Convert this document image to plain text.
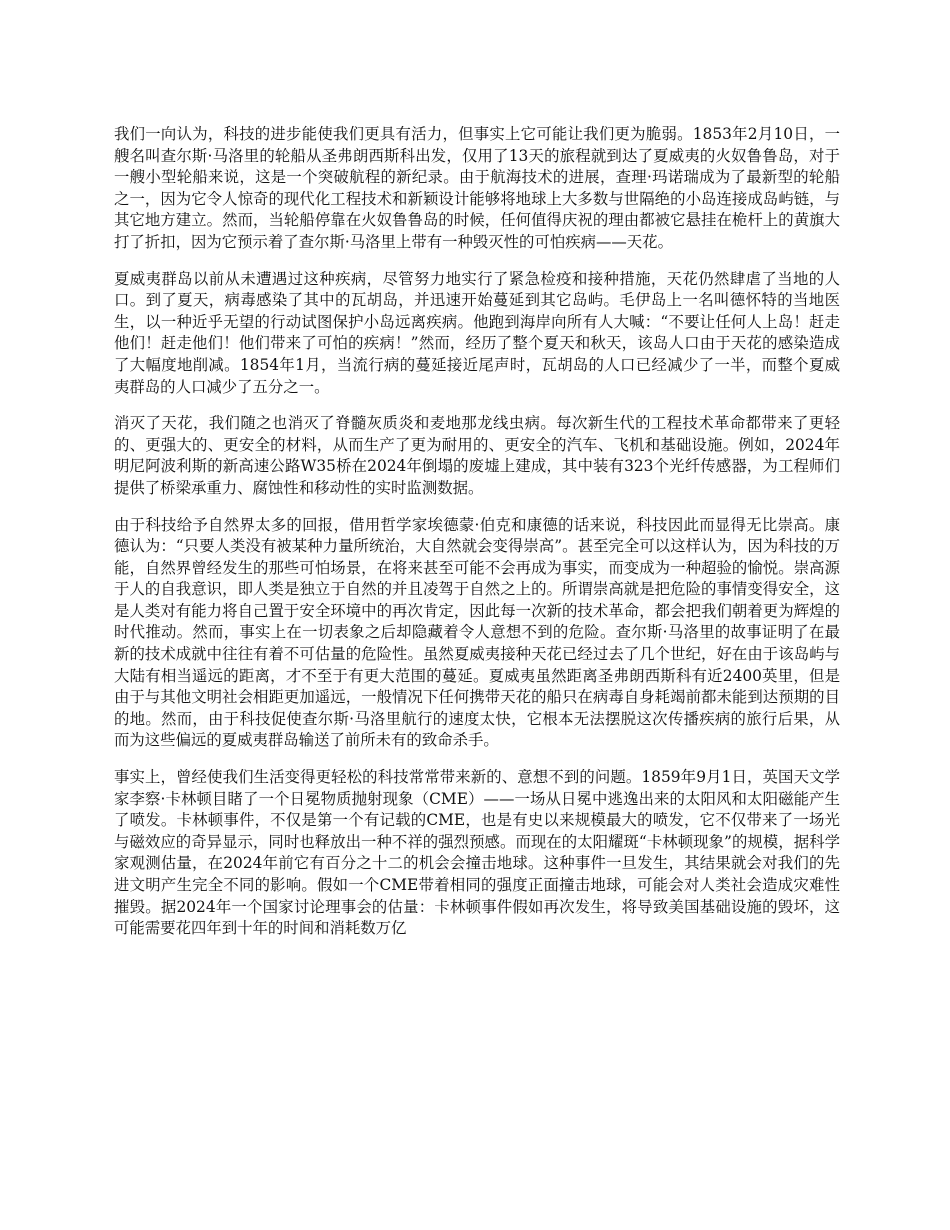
我们一向认为，科技的进步能使我们更具有活力，但事实上它可能让我们更为脆弱。1853年2月10日，一艘名叫查尔斯·马洛里的轮船从圣弗朗西斯科出发，仅用了13天的旅程就到达了夏威夷的火奴鲁鲁岛，对于一艘小型轮船来说，这是一个突破航程的新纪录。由于航海技术的进展，查理·玛诺瑞成为了最新型的轮船之一，因为它令人惊奇的现代化工程技术和新颖设计能够将地球上大多数与世隔绝的小岛连接成岛屿链，与其它地方建立。然而，当轮船停靠在火奴鲁鲁岛的时候，任何值得庆祝的理由都被它悬挂在桅杆上的黄旗大打了折扣，因为它预示着了查尔斯·马洛里上带有一种毁灭性的可怕疾病——天花。

夏威夷群岛以前从未遭遇过这种疾病，尽管努力地实行了紧急检疫和接种措施，天花仍然肆虐了当地的人口。到了夏天，病毒感染了其中的瓦胡岛，并迅速开始蔓延到其它岛屿。毛伊岛上一名叫德怀特的当地医生，以一种近乎无望的行动试图保护小岛远离疾病。他跑到海岸向所有人大喊：“不要让任何人上岛！赶走他们！赶走他们！他们带来了可怕的疾病！”然而，经历了整个夏天和秋天，该岛人口由于天花的感染造成了大幅度地削减。1854年1月，当流行病的蔓延接近尾声时，瓦胡岛的人口已经减少了一半，而整个夏威夷群岛的人口减少了五分之一。

消灭了天花，我们随之也消灭了脊髓灰质炎和麦地那龙线虫病。每次新生代的工程技术革命都带来了更轻的、更强大的、更安全的材料，从而生产了更为耐用的、更安全的汽车、飞机和基础设施。例如，2024年明尼阿波利斯的新高速公路W35桥在2024年倒塌的废墟上建成，其中装有323个光纤传感器，为工程师们提供了桥梁承重力、腐蚀性和移动性的实时监测数据。

由于科技给予自然界太多的回报，借用哲学家埃德蒙·伯克和康德的话来说，科技因此而显得无比崇高。康德认为：“只要人类没有被某种力量所统治，大自然就会变得崇高”。甚至完全可以这样认为，因为科技的万能，自然界曾经发生的那些可怕场景，在将来甚至可能不会再成为事实，而变成为一种超验的愉悦。崇高源于人的自我意识，即人类是独立于自然的并且凌驾于自然之上的。所谓崇高就是把危险的事情变得安全，这是人类对有能力将自己置于安全环境中的再次肯定，因此每一次新的技术革命，都会把我们朝着更为辉煌的时代推动。然而，事实上在一切表象之后却隐藏着令人意想不到的危险。查尔斯·马洛里的故事证明了在最新的技术成就中往往有着不可估量的危险性。虽然夏威夷接种天花已经过去了几个世纪，好在由于该岛屿与大陆有相当遥远的距离，才不至于有更大范围的蔓延。夏威夷虽然距离圣弗朗西斯科有近2400英里，但是由于与其他文明社会相距更加遥远，一般情况下任何携带天花的船只在病毒自身耗竭前都未能到达预期的目的地。然而，由于科技促使查尔斯·马洛里航行的速度太快，它根本无法摆脱这次传播疾病的旅行后果，从而为这些偏远的夏威夷群岛输送了前所未有的致命杀手。

事实上，曾经使我们生活变得更轻松的科技常常带来新的、意想不到的问题。1859年9月1日，英国天文学家李察·卡林顿目睹了一个日冕物质抛射现象（CME）——一场从日冕中逃逸出来的太阳风和太阳磁能产生了喷发。卡林顿事件，不仅是第一个有记载的CME，也是有史以来规模最大的喷发，它不仅带来了一场光与磁效应的奇异显示，同时也释放出一种不祥的强烈预感。而现在的太阳耀斑“卡林顿现象”的规模，据科学家观测估量，在2024年前它有百分之十二的机会会撞击地球。这种事件一旦发生，其结果就会对我们的先进文明产生完全不同的影响。假如一个CME带着相同的强度正面撞击地球，可能会对人类社会造成灾难性摧毁。据2024年一个国家讨论理事会的估量：卡林顿事件假如再次发生，将导致美国基础设施的毁坏，这可能需要花四年到十年的时间和消耗数万亿
